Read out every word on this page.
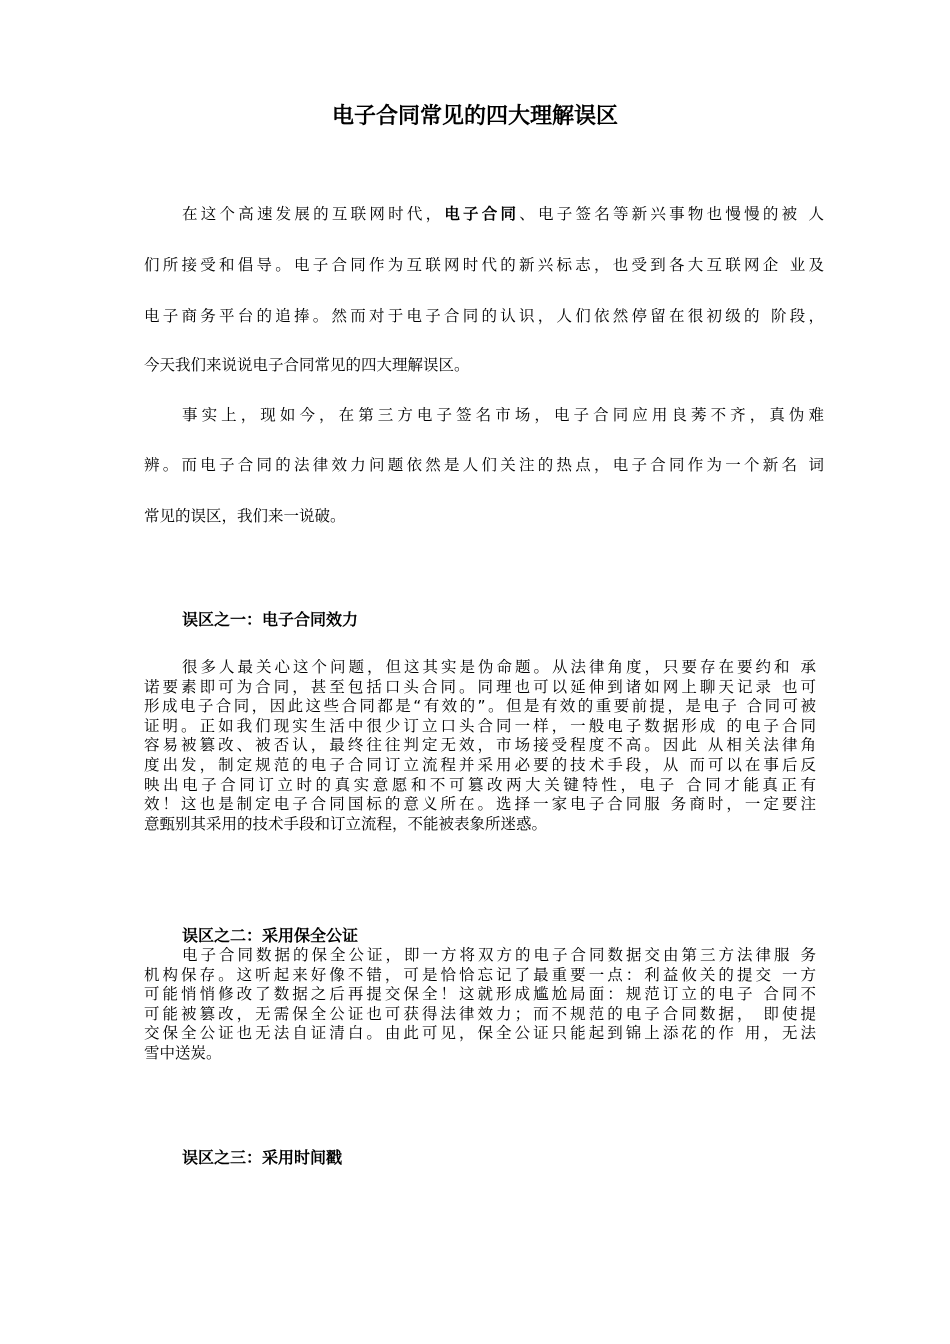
电子合同常见的四大理解误区
在这个高速发展的互联网时代，电子合同、电子签名等新兴事物也慢慢的被 人
们所接受和倡导。电子合同作为互联网时代的新兴标志，也受到各大互联网企 业及
电子商务平台的追捧。然而对于电子合同的认识，人们依然停留在很初级的 阶段，
今天我们来说说电子合同常见的四大理解误区。
事实上，现如今，在第三方电子签名市场，电子合同应用良莠不齐，真伪难
辨。而电子合同的法律效力问题依然是人们关注的热点，电子合同作为一个新名 词
常见的误区，我们来一说破。
误区之一：电子合同效力
很多人最关心这个问题，但这其实是伪命题。从法律角度，只要存在要约和 承
诺要素即可为合同，甚至包括口头合同。同理也可以延伸到诸如网上聊天记录 也可
形成电子合同，因此这些合同都是“有效的”。但是有效的重要前提，是电子 合同可被
证明。正如我们现实生活中很少订立口头合同一样，一般电子数据形成 的电子合同
容易被篡改、被否认，最终往往判定无效，市场接受程度不高。因此 从相关法律角
度出发，制定规范的电子合同订立流程并采用必要的技术手段，从 而可以在事后反
映出电子合同订立时的真实意愿和不可篡改两大关键特性，电子 合同才能真正有
效！这也是制定电子合同国标的意义所在。选择一家电子合同服 务商时，一定要注
意甄别其采用的技术手段和订立流程，不能被表象所迷惑。
误区之二：采用保全公证
电子合同数据的保全公证，即一方将双方的电子合同数据交由第三方法律服 务
机构保存。这听起来好像不错，可是恰恰忘记了最重要一点：利益攸关的提交 一方
可能悄悄修改了数据之后再提交保全！这就形成尴尬局面：规范订立的电子 合同不
可能被篡改，无需保全公证也可获得法律效力；而不规范的电子合同数据， 即使提
交保全公证也无法自证清白。由此可见，保全公证只能起到锦上添花的作 用，无法
雪中送炭。
误区之三：采用时间戳
